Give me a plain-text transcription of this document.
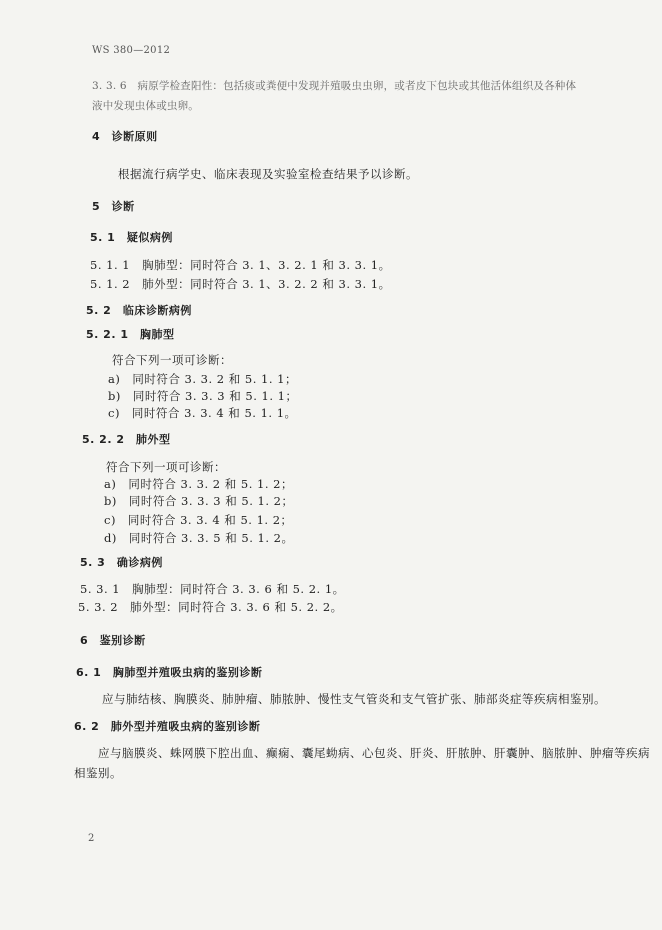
WS 380—2012
3. 3. 6　病原学检查阳性：包括痰或粪便中发现并殖吸虫虫卵，或者皮下包块或其他活体组织及各种体
液中发现虫体或虫卵。
4　诊断原则
根据流行病学史、临床表现及实验室检查结果予以诊断。
5　诊断
5. 1　疑似病例
5. 1. 1　胸肺型：同时符合 3. 1、3. 2. 1 和 3. 3. 1。
5. 1. 2　肺外型：同时符合 3. 1、3. 2. 2 和 3. 3. 1。
5. 2　临床诊断病例
5. 2. 1　胸肺型
符合下列一项可诊断：
a)　同时符合 3. 3. 2 和 5. 1. 1；
b)　同时符合 3. 3. 3 和 5. 1. 1；
c)　同时符合 3. 3. 4 和 5. 1. 1。
5. 2. 2　肺外型
符合下列一项可诊断：
a)　同时符合 3. 3. 2 和 5. 1. 2；
b)　同时符合 3. 3. 3 和 5. 1. 2；
c)　同时符合 3. 3. 4 和 5. 1. 2；
d)　同时符合 3. 3. 5 和 5. 1. 2。
5. 3　确诊病例
5. 3. 1　胸肺型：同时符合 3. 3. 6 和 5. 2. 1。
5. 3. 2　肺外型：同时符合 3. 3. 6 和 5. 2. 2。
6　鉴别诊断
6. 1　胸肺型并殖吸虫病的鉴别诊断
应与肺结核、胸膜炎、肺肿瘤、肺脓肿、慢性支气管炎和支气管扩张、肺部炎症等疾病相鉴别。
6. 2　肺外型并殖吸虫病的鉴别诊断
应与脑膜炎、蛛网膜下腔出血、癫痫、囊尾蚴病、心包炎、肝炎、肝脓肿、肝囊肿、脑脓肿、肿瘤等疾病
相鉴别。
2
